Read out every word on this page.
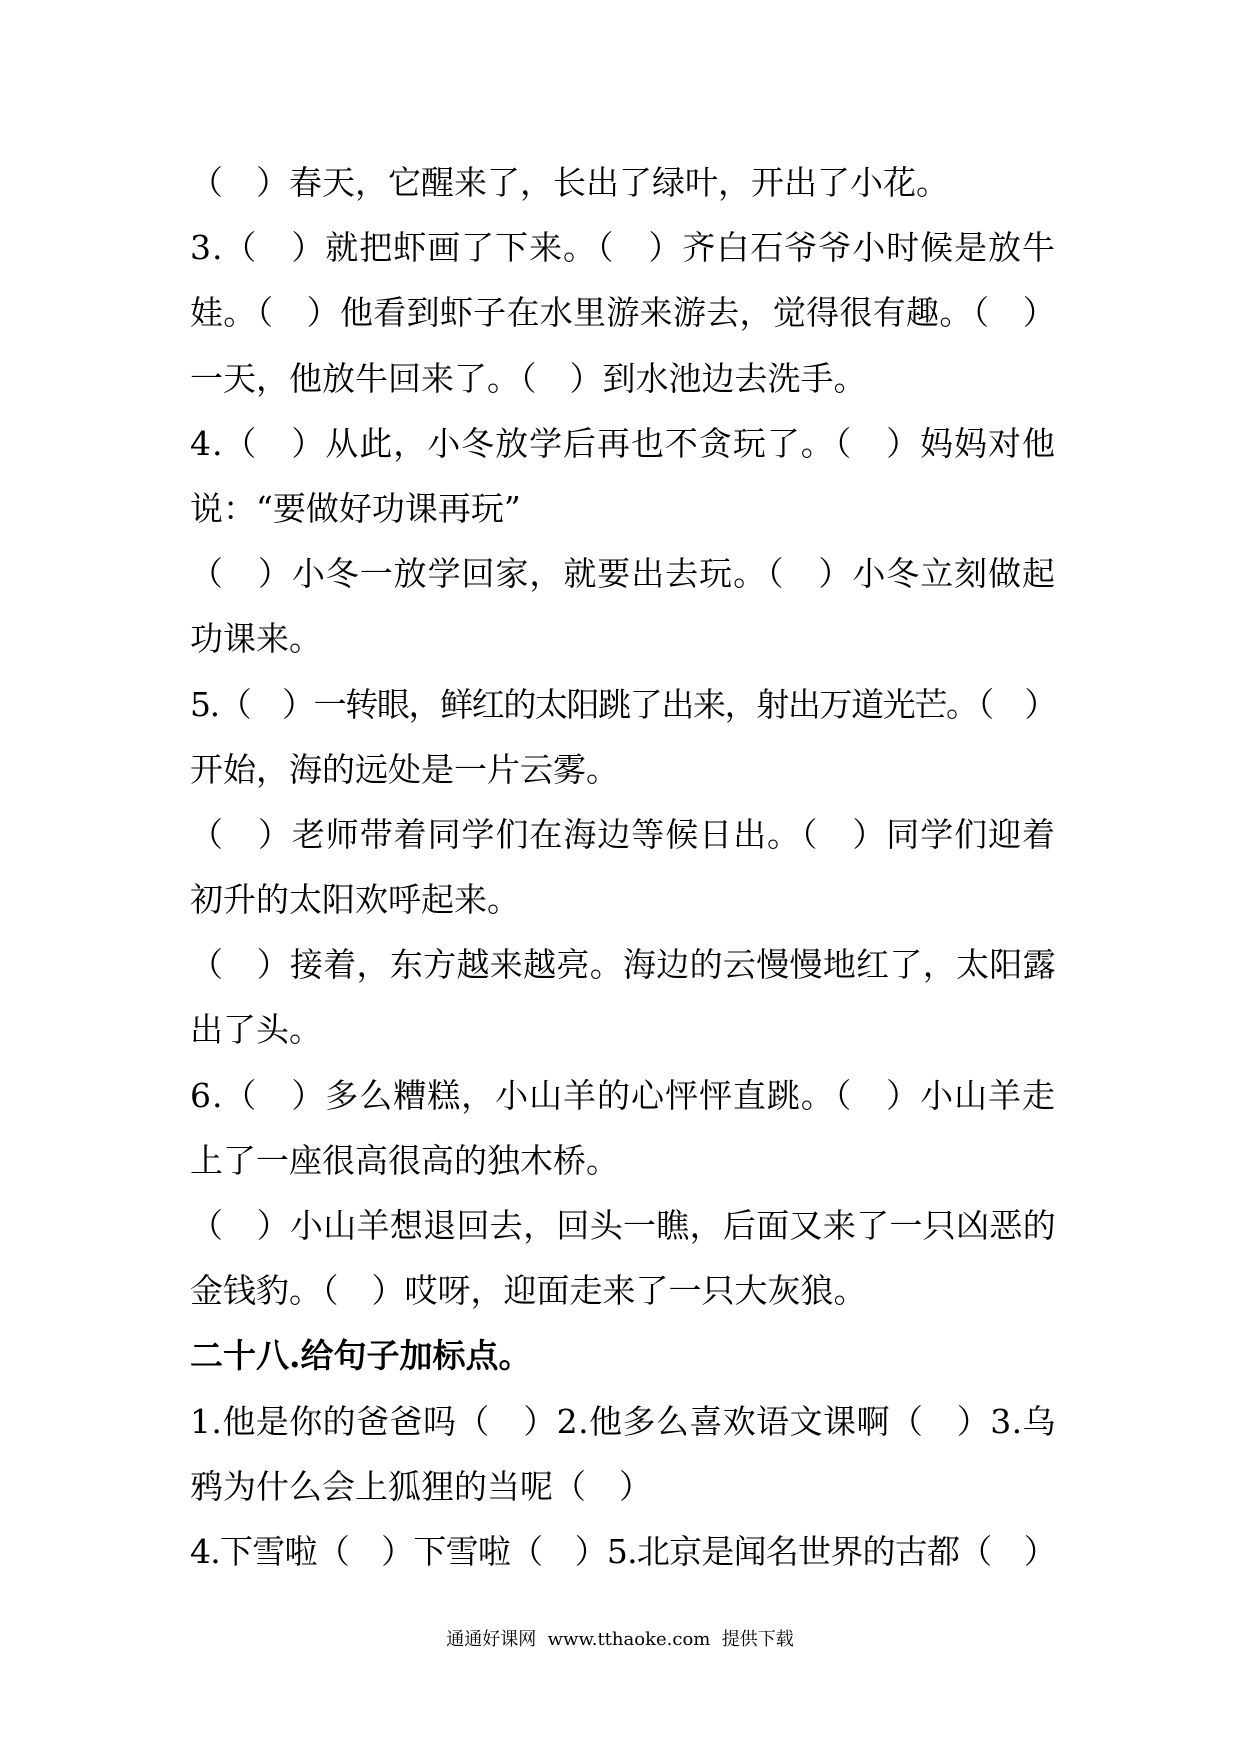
（　）春天，它醒来了，长出了绿叶，开出了小花。
3.（　）就把虾画了下来。（　）齐白石爷爷小时候是放牛
娃。（　）他看到虾子在水里游来游去，觉得很有趣。（　）
一天，他放牛回来了。（　）到水池边去洗手。
4.（　）从此，小冬放学后再也不贪玩了。（　）妈妈对他
说：“要做好功课再玩”
（　）小冬一放学回家，就要出去玩。（　）小冬立刻做起
功课来。
5.（　）一转眼，鲜红的太阳跳了出来，射出万道光芒。（　）
开始，海的远处是一片云雾。
（　）老师带着同学们在海边等候日出。（　）同学们迎着
初升的太阳欢呼起来。
（　）接着，东方越来越亮。海边的云慢慢地红了，太阳露
出了头。
6.（　）多么糟糕，小山羊的心怦怦直跳。（　）小山羊走
上了一座很高很高的独木桥。
（　）小山羊想退回去，回头一瞧，后面又来了一只凶恶的
金钱豹。（　）哎呀，迎面走来了一只大灰狼。
二十八.给句子加标点。
1.他是你的爸爸吗（　）2.他多么喜欢语文课啊（　）3.乌
鸦为什么会上狐狸的当呢（　）
4.下雪啦（　）下雪啦（　）5.北京是闻名世界的古都（　）
通通好课网  www.tthaoke.com  提供下载
